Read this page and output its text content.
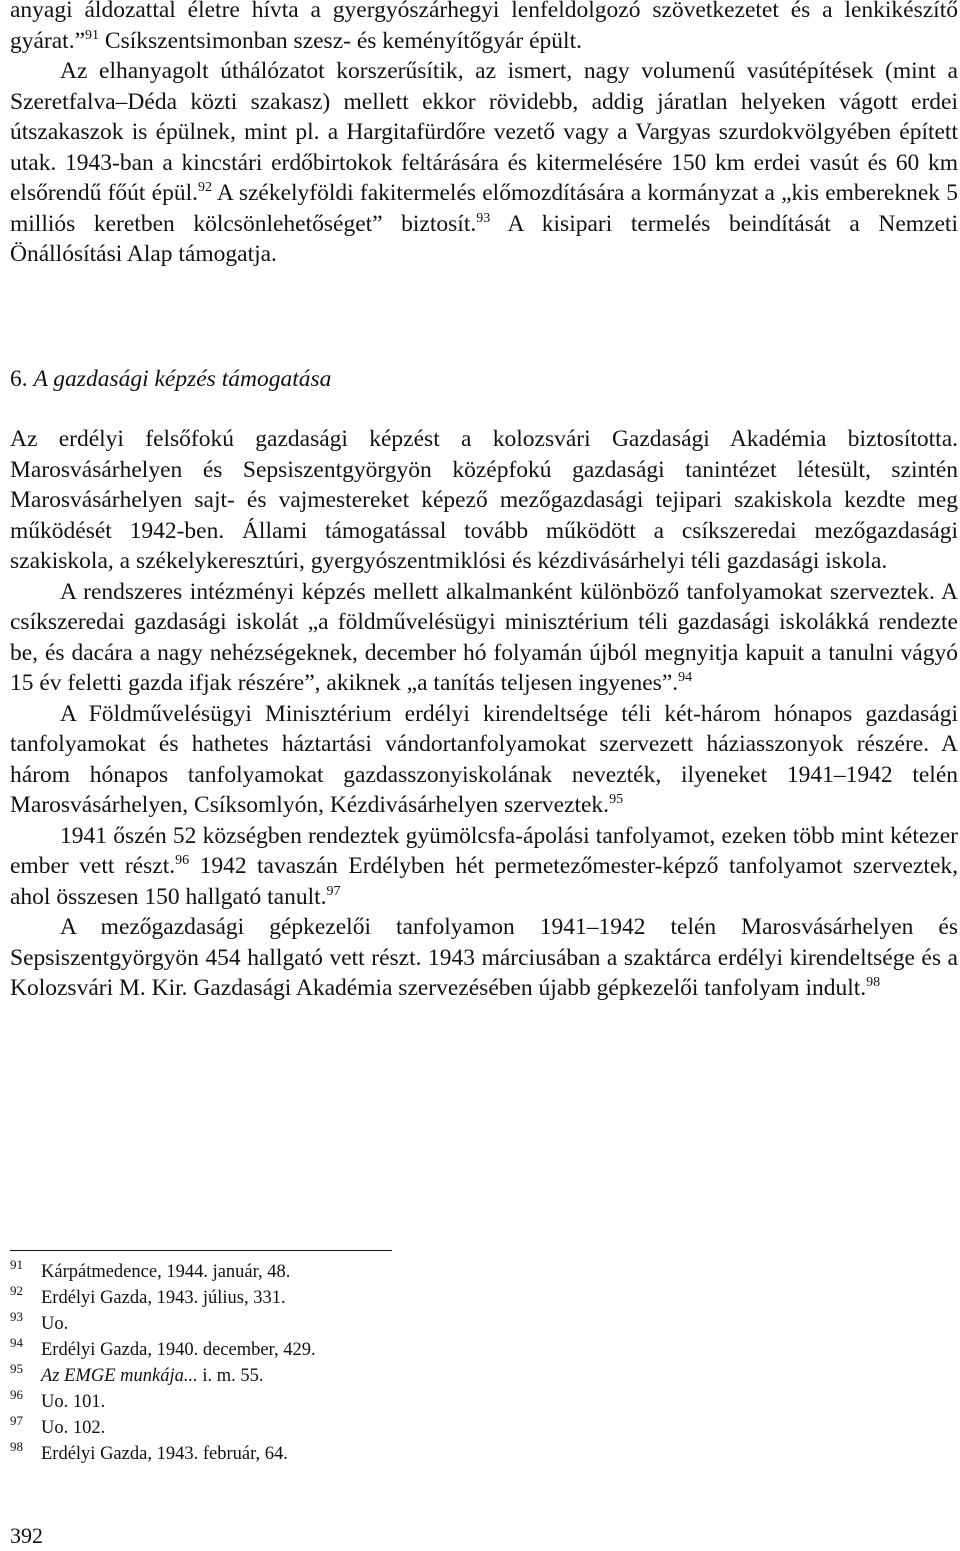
anyagi áldozattal életre hívta a gyergyószárhegyi lenfeldolgozó szövetkezetet és a lenkikészítő gyárat.”$^{91}$ Csíkszentsimonban szesz- és keményítőgyár épült.

Az elhanyagolt úthálózatot korszerűsítik, az ismert, nagy volumenű vasútépítések (mint a Szeretfalva–Déda közti szakasz) mellett ekkor rövidebb, addig járatlan helyeken vágott erdei útszakaszok is épülnek, mint pl. a Hargitafürdőre vezető vagy a Vargyas szurdokvölgyében épített utak. 1943-ban a kincstári erdőbirtokok feltárására és kitermelésére 150 km erdei vasút és 60 km elsőrendű főút épül.$^{92}$ A székelyföldi fakitermelés előmozdítására a kormányzat a „kis embereknek 5 milliós keretben kölcsönlehetőséget” biztosít.$^{93}$ A kisipari termelés beindítását a Nemzeti Önállósítási Alap támogatja.

6. A gazdasági képzés támogatása

Az erdélyi felsőfokú gazdasági képzést a kolozsvári Gazdasági Akadémia biztosította. Marosvásárhelyen és Sepsiszentgyörgyön középfokú gazdasági tanintézet létesült, szintén Marosvásárhelyen sajt- és vajmestereket képező mezőgazdasági tejipari szakiskola kezdte meg működését 1942-ben. Állami támogatással tovább működött a csíkszeredai mezőgazdasági szakiskola, a székelykeresztúri, gyergyószentmiklósi és kézdivásárhelyi téli gazdasági iskola.

A rendszeres intézményi képzés mellett alkalmanként különböző tanfolyamokat szerveztek. A csíkszeredai gazdasági iskolát „a földművelésügyi minisztérium téli gazdasági iskolákká rendezte be, és dacára a nagy nehézségeknek, december hó folyamán újból megnyitja kapuit a tanulni vágyó 15 év feletti gazda ifjak részére”, akiknek „a tanítás teljesen ingyenes”.$^{94}$

A Földművelésügyi Minisztérium erdélyi kirendeltsége téli két-három hónapos gazdasági tanfolyamokat és hathetes háztartási vándortanfolyamokat szervezett háziasszonyok részére. A három hónapos tanfolyamokat gazdasszonyiskolának nevezték, ilyeneket 1941–1942 telén Marosvásárhelyen, Csíksomlyón, Kézdivásárhelyen szerveztek.$^{95}$

1941 őszén 52 községben rendeztek gyümölcsfa-ápolási tanfolyamot, ezeken több mint kétezer ember vett részt.$^{96}$ 1942 tavaszán Erdélyben hét permetezőmester-képző tanfolyamot szerveztek, ahol összesen 150 hallgató tanult.$^{97}$

A mezőgazdasági gépkezelői tanfolyamon 1941–1942 telén Marosvásárhelyen és Sepsiszentgyörgyön 454 hallgató vett részt. 1943 márciusában a szaktárca erdélyi kirendeltsége és a Kolozsvári M. Kir. Gazdasági Akadémia szervezésében újabb gépkezelői tanfolyam indult.$^{98}$

91 Kárpátmedence, 1944. január, 48.
92 Erdélyi Gazda, 1943. július, 331.
93 Uo.
94 Erdélyi Gazda, 1940. december, 429.
95 Az EMGE munkája... i. m. 55.
96 Uo. 101.
97 Uo. 102.
98 Erdélyi Gazda, 1943. február, 64.
392
